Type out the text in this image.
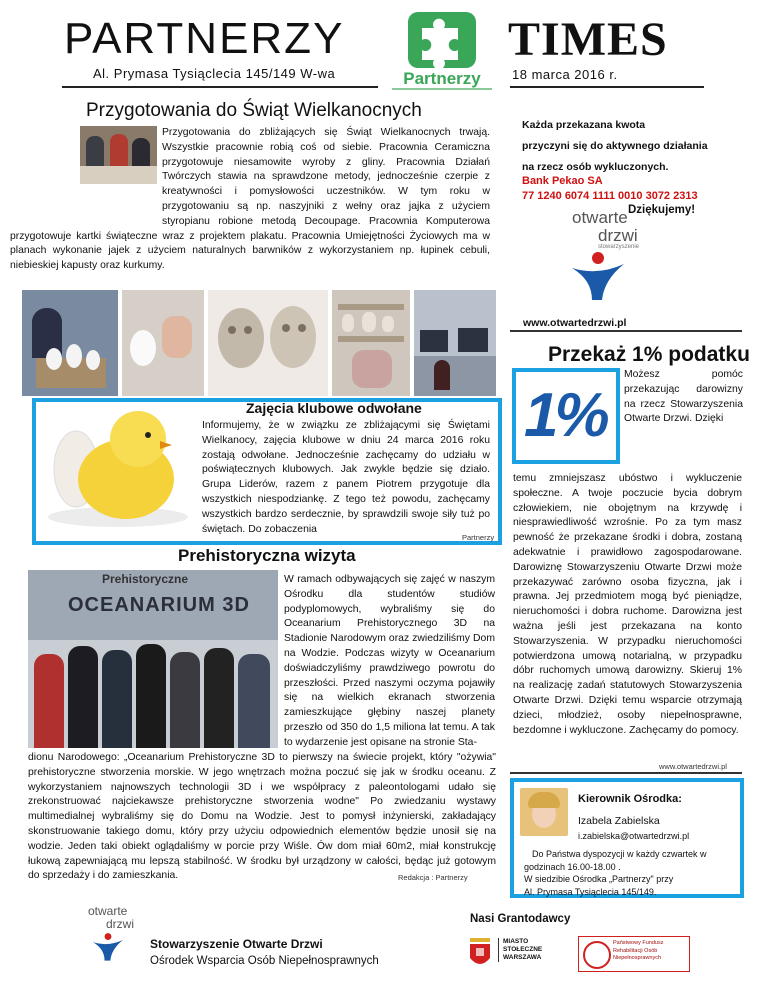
PARTNERZY
Al. Prymasa Tysiąclecia 145/149 W-wa	Partnerzy
TIMES
18 marca 2016 r.
Przygotowania do Świąt Wielkanocnych
Przygotowania do zbliżających się Świąt Wielkanocnych trwają. Wszystkie pracownie robią coś od siebie. Pracownia Ceramiczna przygotowuje niesamowite wyroby z gliny. Pracownia Działań Twórczych stawia na sprawdzone metody, jednocześnie czerpie z kreatywności i pomysłowości uczestników. W tym roku w przygotowaniu są np. naszyjniki z wełny oraz jajka z użyciem styropianu robione metodą Decoupage. Pracownia Komputerowa przygotowuje kartki świąteczne wraz z projektem plakatu. Pracownia Umiejętności Życiowych ma w planach wykonanie jajek z użyciem naturalnych barwników z wykorzystaniem np. łupinek cebuli, niebieskiej kapusty oraz kurkumy.
Zajęcia klubowe odwołane
Informujemy, że w związku ze zbliżającymi się Świętami Wielkanocy, zajęcia klubowe w dniu 24 marca 2016 roku zostają odwołane. Jednocześnie zachęcamy do udziału w poświątecznych klubowych. Jak zwykle będzie się działo. Grupa Liderów, razem z panem Piotrem przygotuje dla wszystkich niespodziankę. Z tego też powodu, zachęcamy wszystkich bardzo serdecznie, by sprawdzili swoje siły tuż po świętach. Do zobaczenia
Partnerzy
Prehistoryczna wizyta
Prehistoryczne
OCEANARIUM 3D
W ramach odbywających się zajęć w naszym Ośrodku dla studentów studiów podyplomowych, wybraliśmy się do Oceanarium Prehistorycznego 3D na Stadionie Narodowym oraz zwiedziliśmy Dom na Wodzie. Podczas wizyty w Oceanarium doświadczyliśmy prawdziwego powrotu do przeszłości. Przed naszymi oczyma pojawiły się na wielkich ekranach stworzenia zamieszkujące głębiny naszej planety przeszło od 350 do 1,5 miliona lat temu. A tak to wydarzenie jest opisane na stronie Sta-
dionu Narodowego: „Oceanarium Prehistoryczne 3D to pierwszy na świecie projekt, który "ożywia" prehistoryczne stworzenia morskie. W jego wnętrzach można poczuć się jak w środku oceanu. Z wykorzystaniem najnowszych technologii 3D i we współpracy z paleontologami udało się zrekonstruować najciekawsze prehistoryczne stworzenia wodne" Po zwiedzaniu wystawy multimedialnej wybraliśmy się do Domu na Wodzie. Jest to pomysł inżynierski, zakładający skonstruowanie takiego domu, który przy użyciu odpowiednich elementów będzie unosił się na wodzie. Jeden taki obiekt oglądaliśmy w porcie przy Wiśle. Ów dom miał 60m2, miał konstrukcję łukową zapewniającą mu lepszą stabilność. W środku był urządzony w całości, będąc już gotowym do sprzedaży i do zamieszkania.	Redakcja : Partnerzy
Każda przekazana kwota
przyczyni się do aktywnego działania
na rzecz osób wykluczonych.
Bank Pekao SA
77 1240 6074 1111 0010 3072 2313
Dziękujemy!
otwarte
drzwi
stowarzyszenie
www.otwartedrzwi.pl
Przekaż 1% podatku
1%
Możesz pomóc przekazując darowizny na rzecz Stowarzyszenia Otwarte Drzwi. Dzięki
temu zmniejszasz ubóstwo i wykluczenie społeczne. A twoje poczucie bycia dobrym człowiekiem, nie obojętnym na krzywdę i niesprawiedliwość wzrośnie. Po za tym masz pewność że przekazane środki i dobra, zostaną adekwatnie i prawidłowo zagospodarowane. Darowiznę Stowarzyszeniu Otwarte Drzwi może przekazywać zarówno osoba fizyczna, jak i prawna. Jej przedmiotem mogą być pieniądze, nieruchomości i dobra ruchome. Darowizna jest ważna jeśli jest przekazana na konto Stowarzyszenia. W przypadku nieruchomości potwierdzona umową notarialną, w przypadku dóbr ruchomych umową darowizny. Skieruj 1% na realizację zadań statutowych Stowarzyszenia Otwarte Drzwi. Dzięki temu wsparcie otrzymają dzieci, młodzież, osoby niepełnosprawne, bezdomne i wykluczone. Zachęcamy do pomocy.
www.otwartedrzwi.pl
Kierownik Ośrodka:
Izabela Zabielska
i.zabielska@otwartedrzwi.pl
Do Państwa dyspozycji w każdy czwartek w
godzinach 16.00-18.00 .
W siedzibie Ośrodka „Partnerzy" przy
Al. Prymasa Tysiąclecia 145/149.
otwarte
drzwi
Stowarzyszenie Otwarte Drzwi
Ośrodek Wsparcia Osób Niepełnosprawnych
Nasi Grantodawcy
MIASTO STOŁECZNE WARSZAWA
Państwowy Fundusz Rehabilitacji Osób Niepełnosprawnych
